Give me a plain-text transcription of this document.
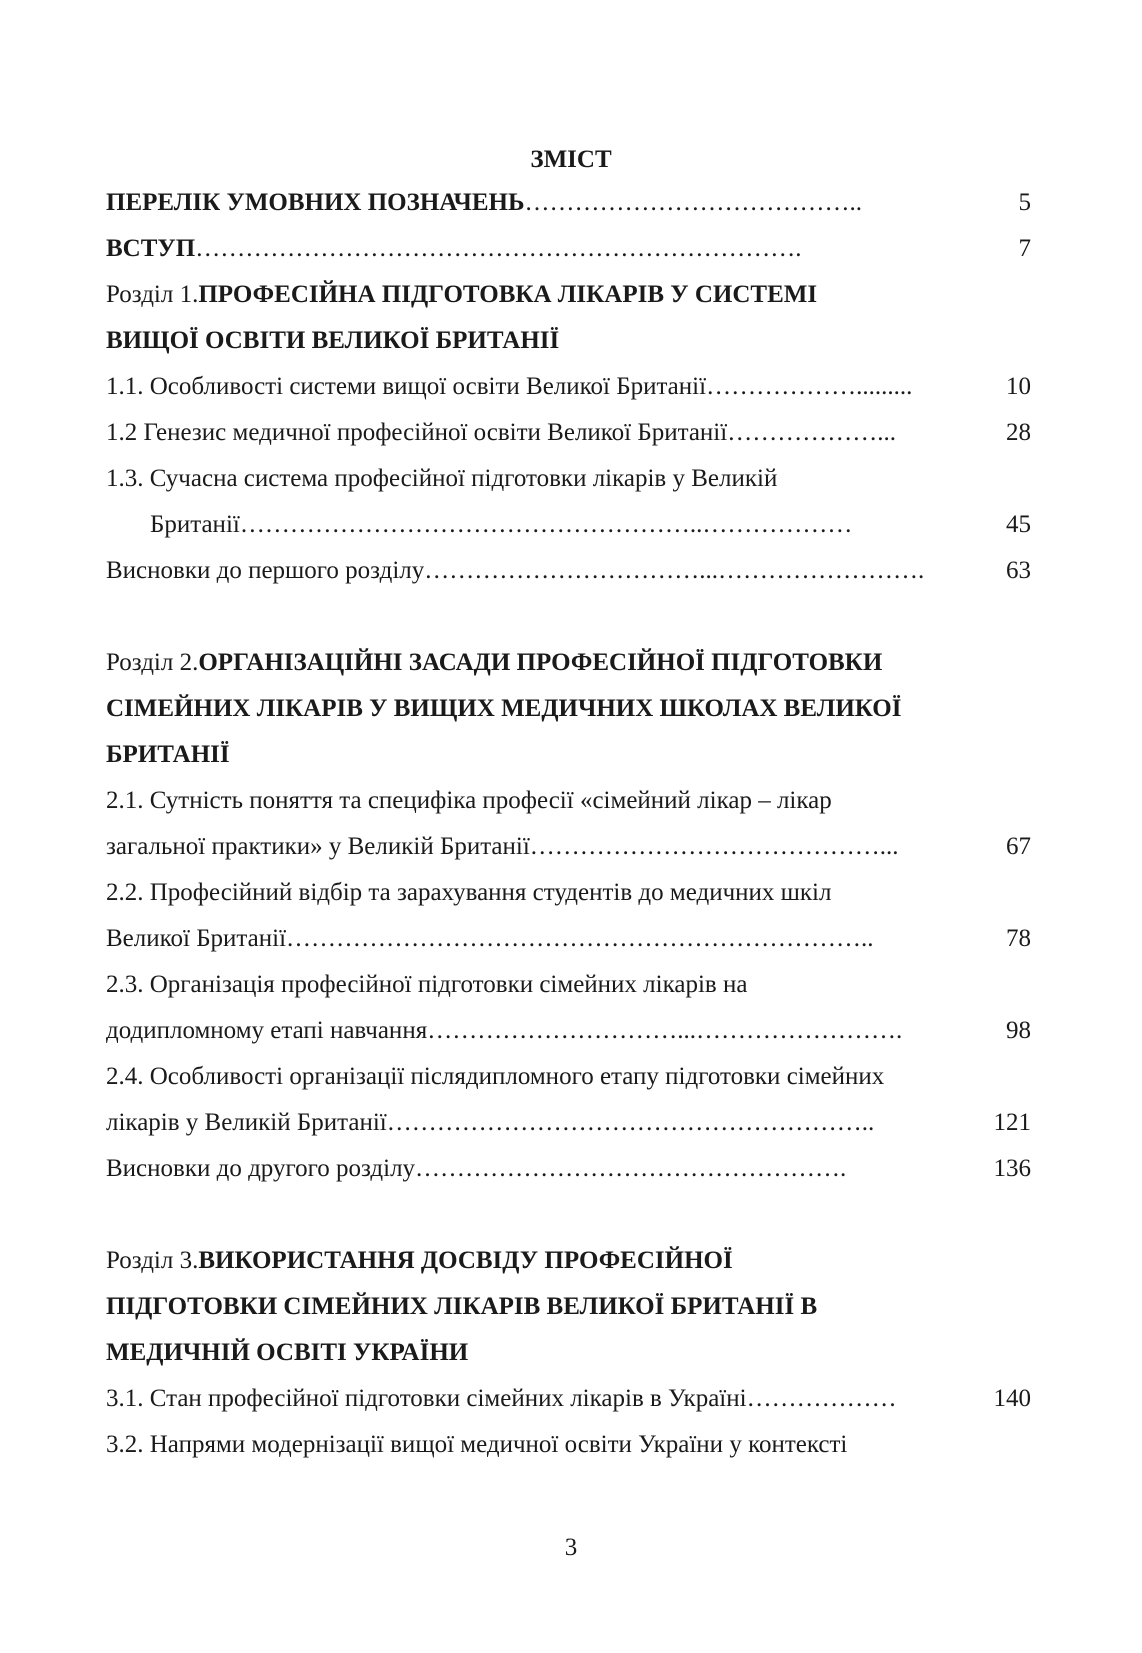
ЗМІСТ
ПЕРЕЛІК УМОВНИХ ПОЗНАЧЕНЬ …………………………………..	5
ВСТУП ……………………………………………………………….	7
Розділ 1. ПРОФЕСІЙНА ПІДГОТОВКА ЛІКАРІВ У СИСТЕМІ
ВИЩОЇ ОСВІТИ ВЕЛИКОЇ БРИТАНІЇ
1.1. Особливості системи вищої освіти Великої Британії ……………….........	10
1.2 Генезис медичної професійної освіти Великої Британії ………………...	28
1.3. Сучасна система професійної підготовки лікарів у Великій
Британії ………………………………………………..………………	45
Висновки до першого розділу ……………………………...…………………….	63
Розділ 2. ОРГАНІЗАЦІЙНІ ЗАСАДИ ПРОФЕСІЙНОЇ ПІДГОТОВКИ
СІМЕЙНИХ ЛІКАРІВ У ВИЩИХ МЕДИЧНИХ ШКОЛАХ ВЕЛИКОЇ
БРИТАНІЇ
2.1. Сутність поняття та специфіка професії «сімейний лікар – лікар
загальної практики» у Великій Британії ……………………………………...	67
2.2. Професійний відбір та зарахування студентів до медичних шкіл
Великої Британії ……………………………………………………………..	78
2.3. Організація професійної підготовки сімейних лікарів на
додипломному етапі навчання …………………………...…………………….	98
2.4. Особливості організації післядипломного етапу підготовки сімейних
лікарів у Великій Британії …………………………………………………..	121
Висновки до другого розділу …………………………………………….	136
Розділ 3. ВИКОРИСТАННЯ ДОСВІДУ ПРОФЕСІЙНОЇ
ПІДГОТОВКИ СІМЕЙНИХ ЛІКАРІВ ВЕЛИКОЇ БРИТАНІЇ В
МЕДИЧНІЙ ОСВІТІ УКРАЇНИ
3.1. Стан професійної підготовки сімейних лікарів в Україні ………………	140
3.2. Напрями модернізації вищої медичної освіти України у контексті
3
